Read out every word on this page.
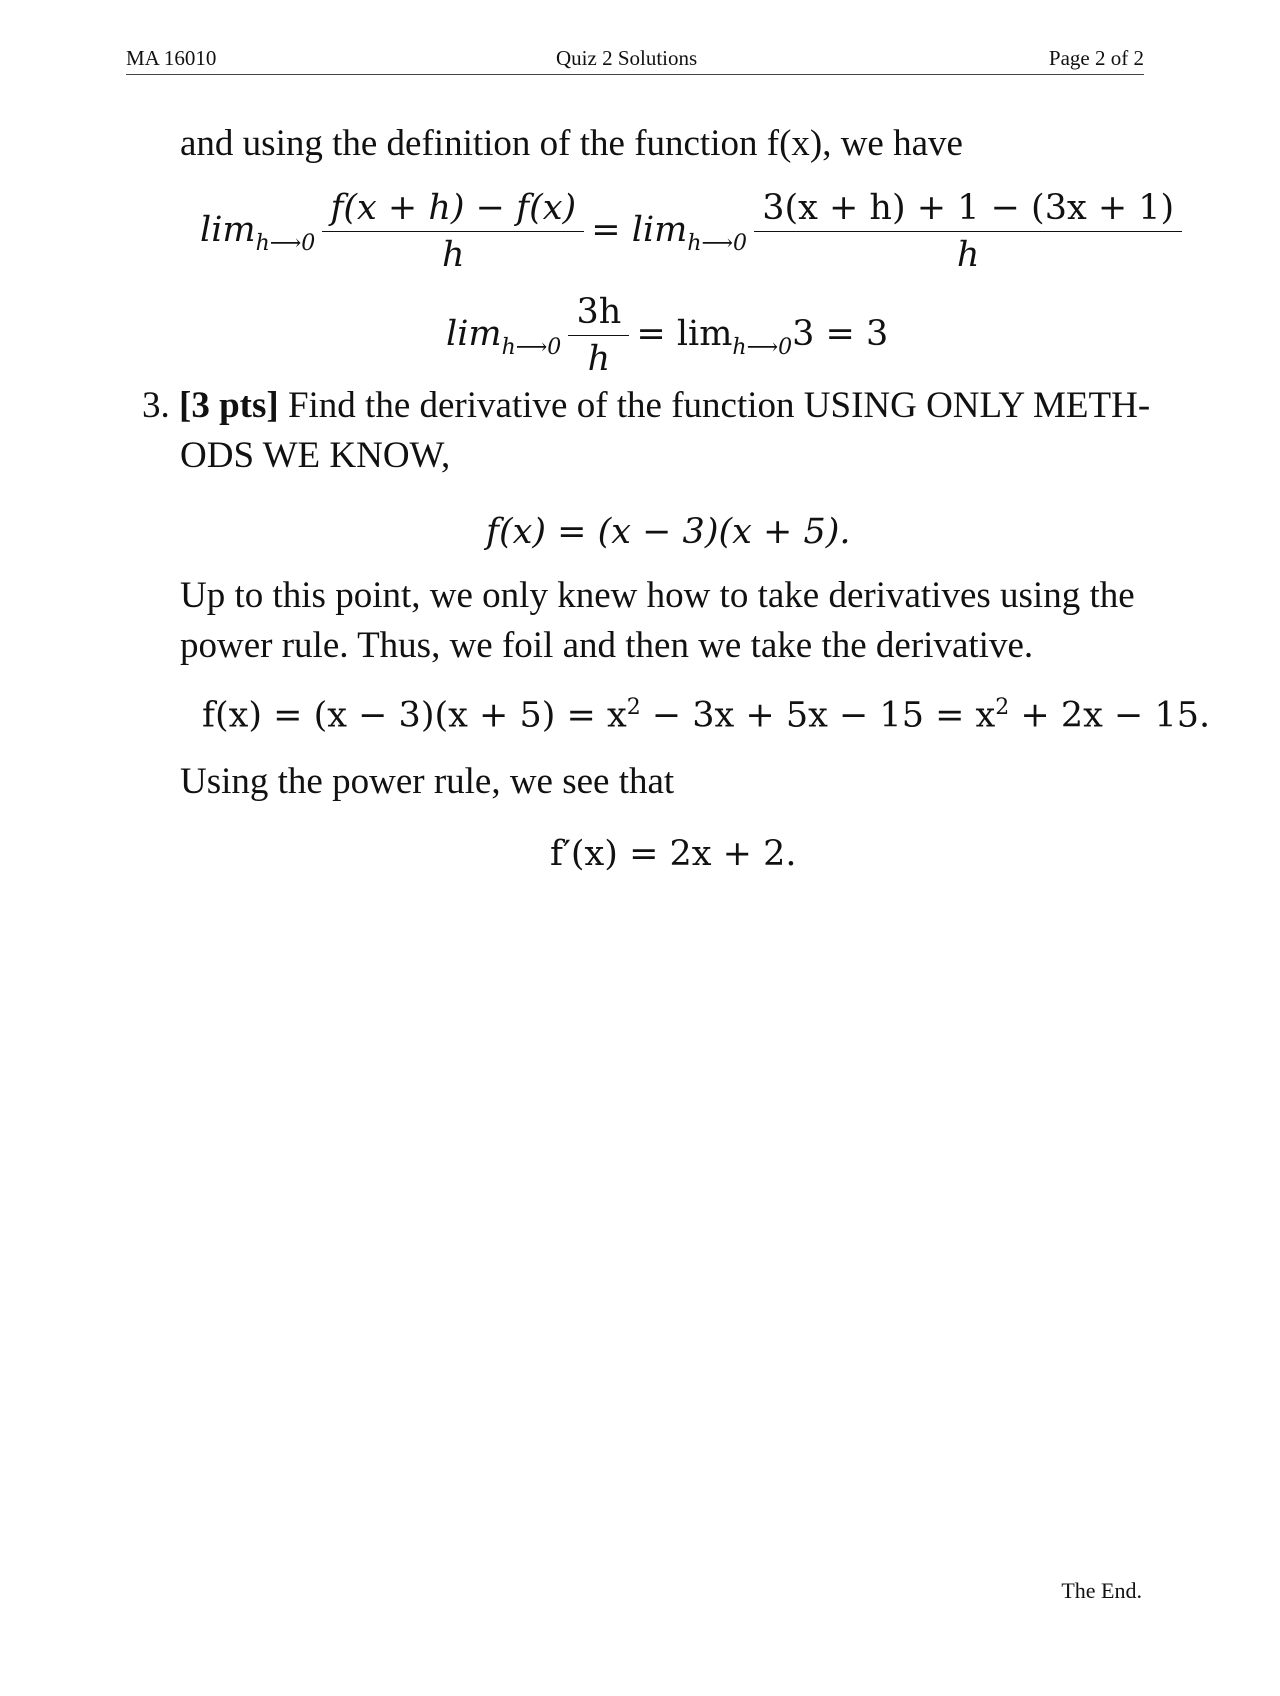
MA 16010	Quiz 2 Solutions	Page 2 of 2
and using the definition of the function f(x), we have
$\lim_{h⟶0} \frac{f(x + h) - f(x)}{h} = \lim_{h⟶0} \frac{3(x + h) + 1 - (3x + 1)}{h}$
$\lim_{h⟶0} \frac{3h}{h} = \lim_{h⟶0}3 = 3$
3. [3 pts] Find the derivative of the function USING ONLY METH-
ODS WE KNOW,
f(x) = (x − 3)(x + 5).
Up to this point, we only knew how to take derivatives using the
power rule. Thus, we foil and then we take the derivative.
$f(x) = (x - 3)(x + 5) = x^2 - 3x + 5x - 15 = x^2 + 2x - 15$.
Using the power rule, we see that
f′(x) = 2x + 2.
The End.
